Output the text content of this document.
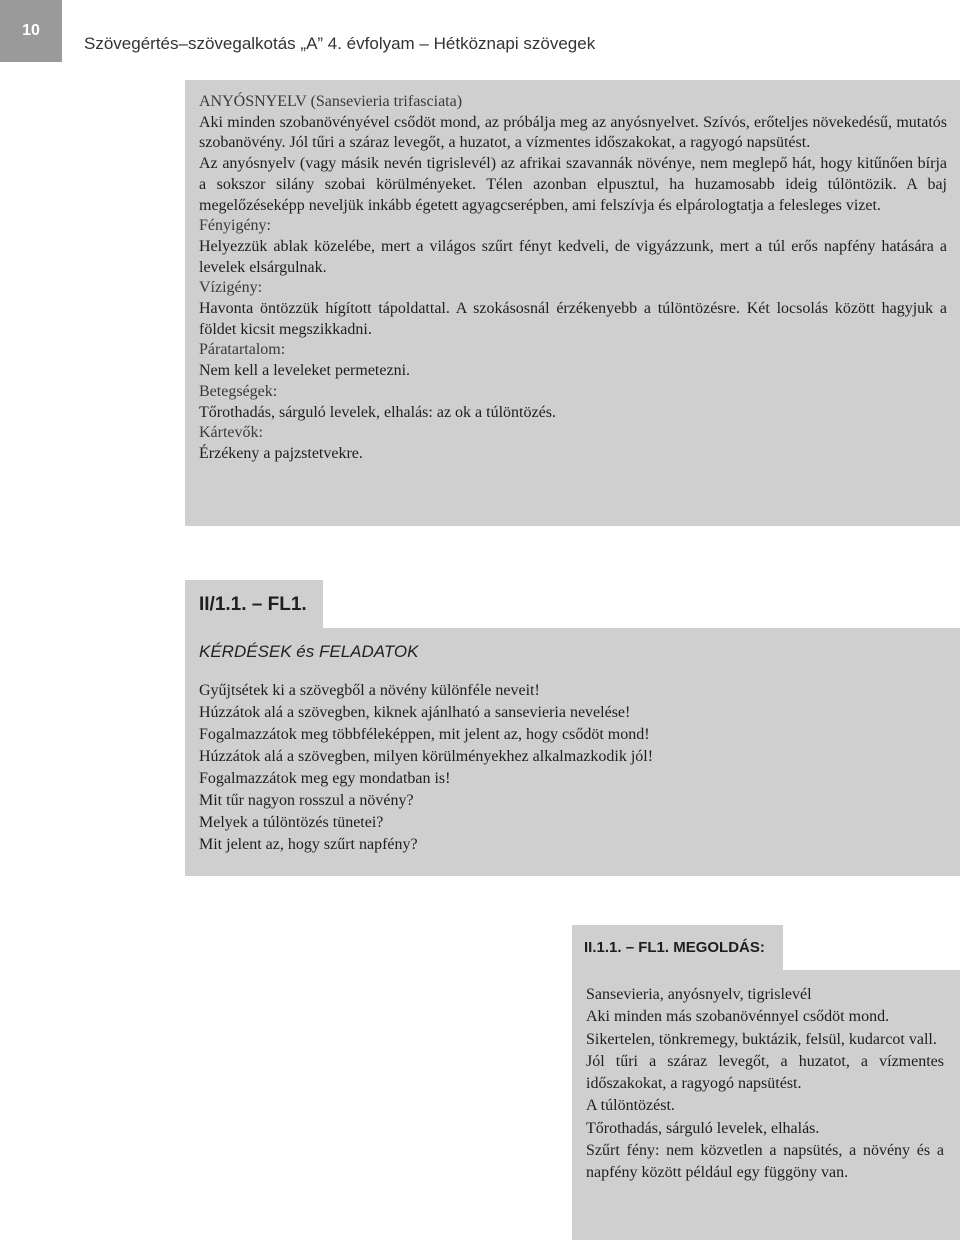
10
Szövegértés–szövegalkotás „A” 4. évfolyam – Hétköznapi szövegek

ANYÓSNYELV (Sansevieria trifasciata)

Aki minden szobanövényével csődöt mond, az próbálja meg az anyósnyelvet. Szívós, erőteljes növekedésű, mutatós szobanövény. Jól tűri a száraz levegőt, a huzatot, a vízmentes időszakokat, a ragyogó napsütést.

Az anyósnyelv (vagy másik nevén tigrislevél) az afrikai szavannák növénye, nem meglepő hát, hogy kitűnően bírja a sokszor silány szobai körülményeket. Télen azonban elpusztul, ha huzamosabb ideig túlöntözik. A baj megelőzéseképp neveljük inkább égetett agyagcserépben, ami felszívja és elpárologtatja a felesleges vizet.

Fényigény:

Helyezzük ablak közelébe, mert a világos szűrt fényt kedveli, de vigyázzunk, mert a túl erős napfény hatására a levelek elsárgulnak.

Vízigény:

Havonta öntözzük hígított tápoldattal. A szokásosnál érzékenyebb a túlöntözésre. Két locsolás között hagyjuk a földet kicsit megszikkadni.

Páratartalom:

Nem kell a leveleket permetezni.

Betegségek:

Tőrothadás, sárguló levelek, elhalás: az ok a túlöntözés.

Kártevők:

Érzékeny a pajzstetvekre.

II/1.1. – FL1.
KÉRDÉSEK és FELADATOK
Gyűjtsétek ki a szövegből a növény különféle neveit!
Húzzátok alá a szövegben, kiknek ajánlható a sansevieria nevelése!
Fogalmazzátok meg többféleképpen, mit jelent az, hogy csődöt mond!
Húzzátok alá a szövegben, milyen körülményekhez alkalmazkodik jól!
Fogalmazzátok meg egy mondatban is!
Mit tűr nagyon rosszul a növény?
Melyek a túlöntözés tünetei?
Mit jelent az, hogy szűrt napfény?
II.1.1. – FL1. MEGOLDÁS:
Sansevieria, anyósnyelv, tigrislevél
Aki minden más szobanövénnyel csődöt mond.
Sikertelen, tönkremegy, buktázik, felsül, kudarcot vall.
Jól tűri a száraz levegőt, a huzatot, a vízmentes időszakokat, a ragyogó napsütést.
A túlöntözést.
Tőrothadás, sárguló levelek, elhalás.
Szűrt fény: nem közvetlen a napsütés, a növény és a napfény között például egy függöny van.
